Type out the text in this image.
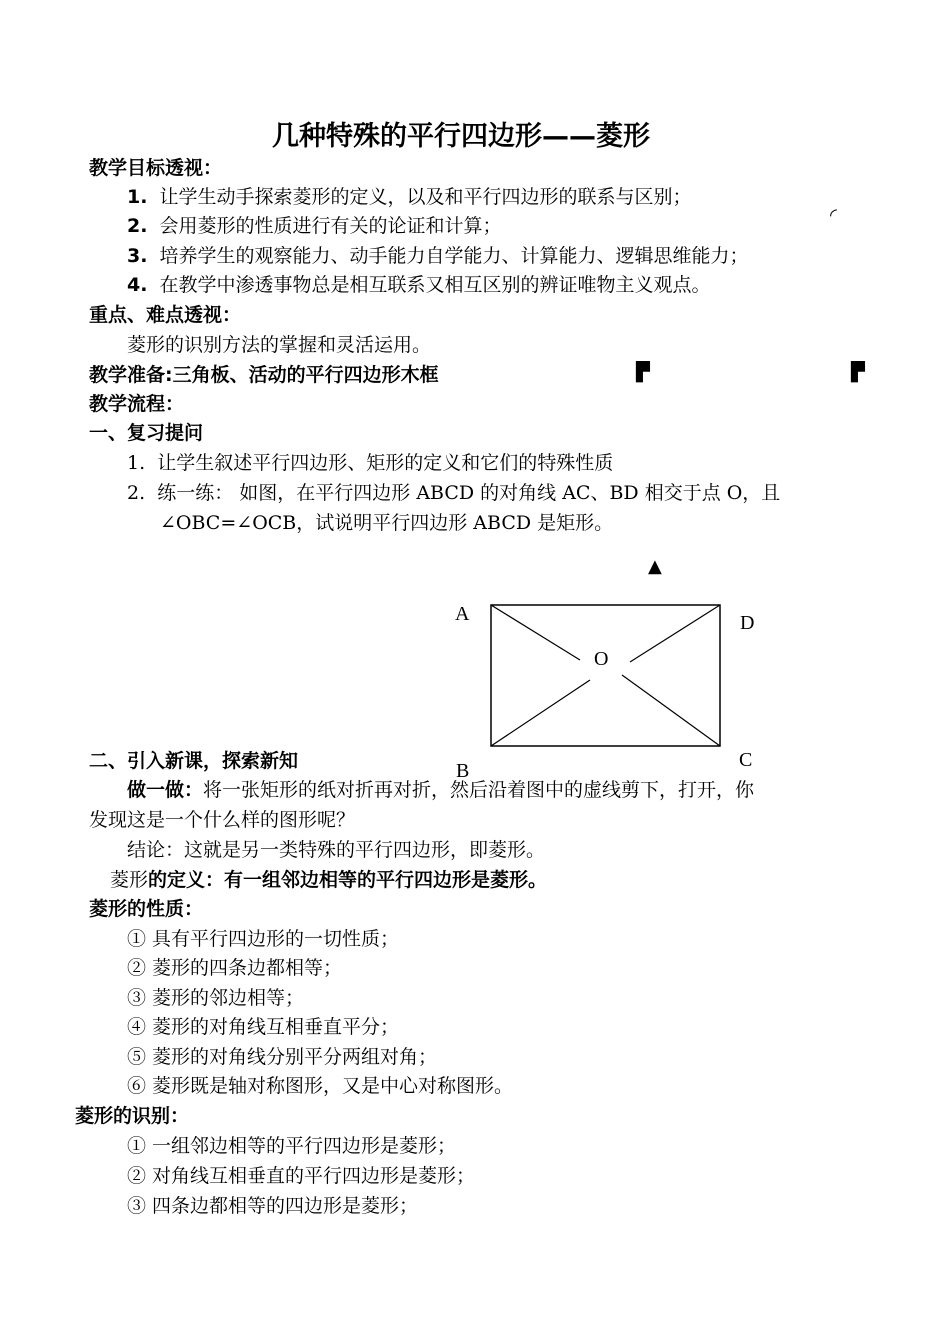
几种特殊的平行四边形——菱形
教学目标透视：
1. 让学生动手探索菱形的定义，以及和平行四边形的联系与区别；
2. 会用菱形的性质进行有关的论证和计算；
3. 培养学生的观察能力、动手能力自学能力、计算能力、逻辑思维能力；
4. 在教学中渗透事物总是相互联系又相互区别的辨证唯物主义观点。
重点、难点透视：
菱形的识别方法的掌握和灵活运用。
教学准备:三角板、活动的平行四边形木框
教学流程：
一、复习提问
1. 让学生叙述平行四边形、矩形的定义和它们的特殊性质
2. 练一练： 如图，在平行四边形 ABCD 的对角线 AC、BD 相交于点 O，且
∠OBC=∠OCB，试说明平行四边形 ABCD 是矩形。
◜
▛	▛
▲
A	D
O
C
B
二、引入新课，探索新知
做一做：将一张矩形的纸对折再对折，然后沿着图中的虚线剪下，打开，你
发现这是一个什么样的图形呢？
结论：这就是另一类特殊的平行四边形，即菱形。
菱形的定义：有一组邻边相等的平行四边形是菱形。
菱形的性质：
① 具有平行四边形的一切性质；
② 菱形的四条边都相等；
③ 菱形的邻边相等；
④ 菱形的对角线互相垂直平分；
⑤ 菱形的对角线分别平分两组对角；
⑥ 菱形既是轴对称图形，又是中心对称图形。
菱形的识别：
① 一组邻边相等的平行四边形是菱形；
② 对角线互相垂直的平行四边形是菱形；
③ 四条边都相等的四边形是菱形；
